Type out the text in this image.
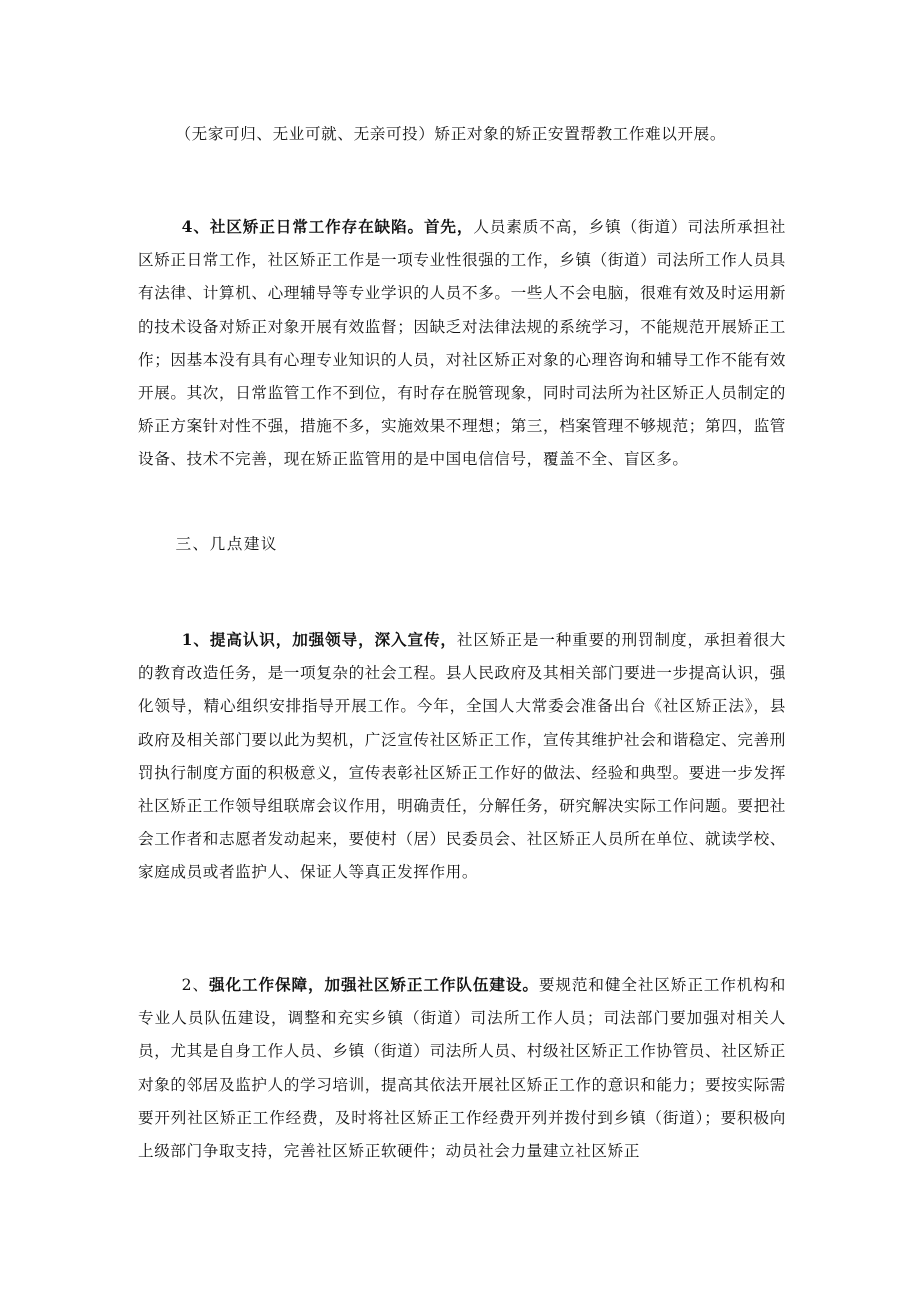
（无家可归、无业可就、无亲可投）矫正对象的矫正安置帮教工作难以开展。

4、社区矫正日常工作存在缺陷。首先，人员素质不高，乡镇（街道）司法所承担社区矫正日常工作，社区矫正工作是一项专业性很强的工作，乡镇（街道）司法所工作人员具有法律、计算机、心理辅导等专业学识的人员不多。一些人不会电脑，很难有效及时运用新的技术设备对矫正对象开展有效监督；因缺乏对法律法规的系统学习，不能规范开展矫正工作；因基本没有具有心理专业知识的人员，对社区矫正对象的心理咨询和辅导工作不能有效开展。其次，日常监管工作不到位，有时存在脱管现象，同时司法所为社区矫正人员制定的矫正方案针对性不强，措施不多，实施效果不理想；第三，档案管理不够规范；第四，监管设备、技术不完善，现在矫正监管用的是中国电信信号，覆盖不全、盲区多。

三、几点建议

1、提高认识，加强领导，深入宣传，社区矫正是一种重要的刑罚制度，承担着很大的教育改造任务，是一项复杂的社会工程。县人民政府及其相关部门要进一步提高认识，强化领导，精心组织安排指导开展工作。今年，全国人大常委会准备出台《社区矫正法》，县政府及相关部门要以此为契机，广泛宣传社区矫正工作，宣传其维护社会和谐稳定、完善刑罚执行制度方面的积极意义，宣传表彰社区矫正工作好的做法、经验和典型。要进一步发挥社区矫正工作领导组联席会议作用，明确责任，分解任务，研究解决实际工作问题。要把社会工作者和志愿者发动起来，要使村（居）民委员会、社区矫正人员所在单位、就读学校、家庭成员或者监护人、保证人等真正发挥作用。

2、强化工作保障，加强社区矫正工作队伍建设。要规范和健全社区矫正工作机构和专业人员队伍建设，调整和充实乡镇（街道）司法所工作人员；司法部门要加强对相关人员，尤其是自身工作人员、乡镇（街道）司法所人员、村级社区矫正工作协管员、社区矫正对象的邻居及监护人的学习培训，提高其依法开展社区矫正工作的意识和能力；要按实际需要开列社区矫正工作经费，及时将社区矫正工作经费开列并拨付到乡镇（街道）；要积极向上级部门争取支持，完善社区矫正软硬件；动员社会力量建立社区矫正
